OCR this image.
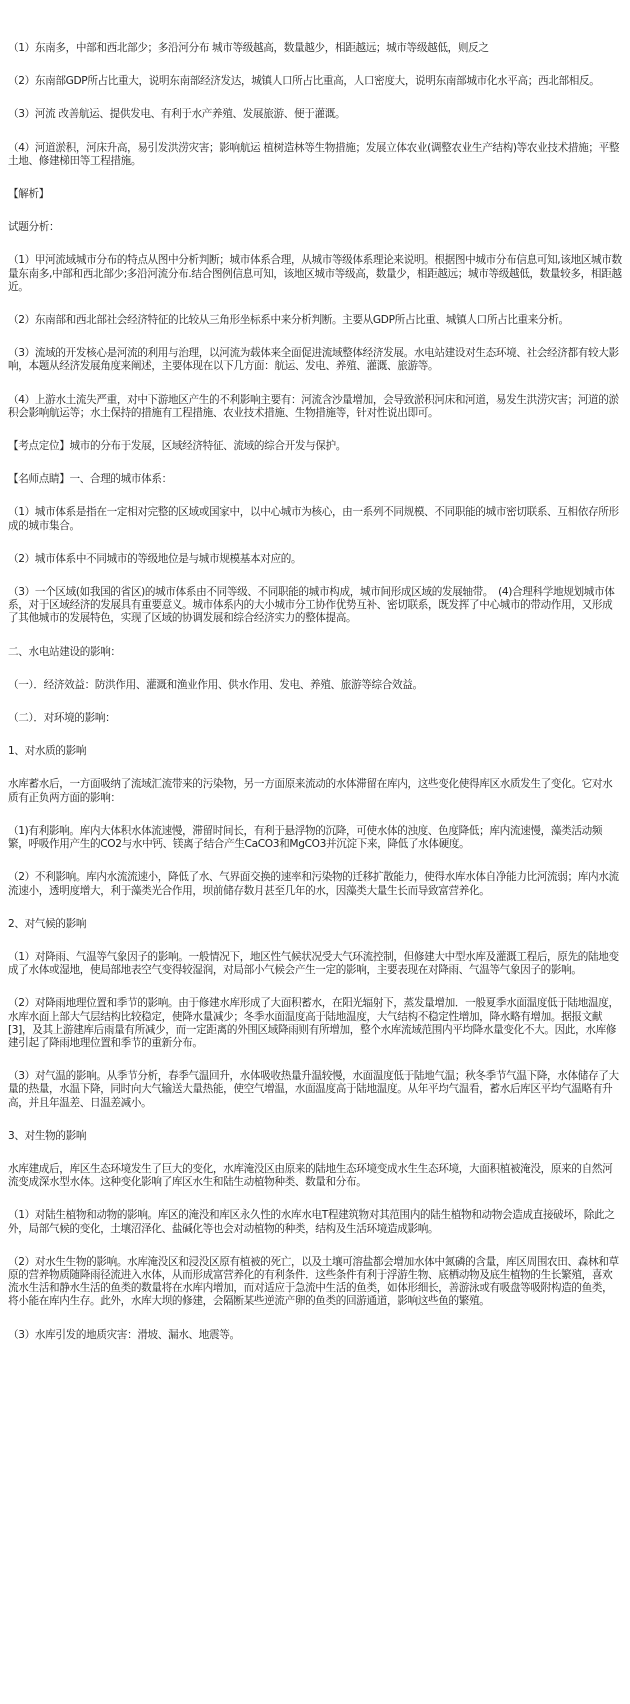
（1）东南多，中部和西北部少；多沿河分布 城市等级越高，数量越少，相距越远；城市等级越低，则反之

（2）东南部GDP所占比重大，说明东南部经济发达，城镇人口所占比重高，人口密度大，说明东南部城市化水平高；西北部相反。

（3）河流 改善航运、提供发电、有利于水产养殖、发展旅游、便于灌溉。

（4）河道淤积，河床升高，易引发洪涝灾害；影响航运 植树造林等生物措施；发展立体农业(调整农业生产结构)等农业技术措施；平整土地、修建梯田等工程措施。

【解析】

试题分析：

（1）甲河流域城市分布的特点从图中分析判断；城市体系合理，从城市等级体系理论来说明。根据图中城市分布信息可知,该地区城市数量东南多,中部和西北部少;多沿河流分布.结合图例信息可知，该地区城市等级高，数量少，相距越远；城市等级越低，数量较多，相距越近。

（2）东南部和西北部社会经济特征的比较从三角形坐标系中来分析判断。主要从GDP所占比重、城镇人口所占比重来分析。

（3）流域的开发核心是河流的利用与治理，以河流为载体来全面促进流域整体经济发展。水电站建设对生态环境、社会经济都有较大影响，本题从经济发展角度来阐述，主要体现在以下几方面：航运、发电、养殖、灌溉、旅游等。

（4）上游水土流失严重，对中下游地区产生的不利影响主要有：河流含沙量增加，会导致淤积河床和河道，易发生洪涝灾害；河道的淤积会影响航运等；水土保持的措施有工程措施、农业技术措施、生物措施等，针对性说出即可。

【考点定位】城市的分布于发展，区域经济特征、流域的综合开发与保护。

【名师点睛】一、合理的城市体系：

（1）城市体系是指在一定相对完整的区域或国家中，以中心城市为核心，由一系列不同规模、不同职能的城市密切联系、互相依存所形成的城市集合。

（2）城市体系中不同城市的等级地位是与城市规模基本对应的。

（3）一个区域(如我国的省区)的城市体系由不同等级、不同职能的城市构成，城市间形成区域的发展轴带。　(4)合理科学地规划城市体系，对于区域经济的发展具有重要意义。城市体系内的大小城市分工协作优势互补、密切联系，既发挥了中心城市的带动作用，又形成了其他城市的发展特色，实现了区域的协调发展和综合经济实力的整体提高。

二、水电站建设的影响：

（一）．经济效益：防洪作用、灌溉和渔业作用、供水作用、发电、养殖、旅游等综合效益。

（二）．对环境的影响：

1、对水质的影响

水库蓄水后，一方面吸纳了流域汇流带来的污染物，另一方面原来流动的水体滞留在库内，这些变化使得库区水质发生了变化。它对水质有正负两方面的影响：

（1)有利影响。库内大体积水体流速慢，滞留时间长，有利于悬浮物的沉降，可使水体的浊度、色度降低；库内流速慢，藻类活动频繁，呼吸作用产生的CO2与水中钙、镁离子结合产生CaCO3和MgCO3并沉淀下来，降低了水体硬度。

（2）不利影响。库内水流流速小，降低了水、气界面交换的速率和污染物的迁移扩散能力，使得水库水体自净能力比河流弱；库内水流流速小，透明度增大，利于藻类光合作用，坝前储存数月甚至几年的水，因藻类大量生长而导致富营养化。

2、对气候的影响

（1）对降雨、气温等气象因子的影响。一般情况下，地区性气候状况受大气环流控制，但修建大中型水库及灌溉工程后，原先的陆地变成了水体或湿地，使局部地表空气变得较湿润，对局部小气候会产生一定的影响，主要表现在对降雨、气温等气象因子的影响。

（2）对降雨地理位置和季节的影响。由于修建水库形成了大面积蓄水，在阳光辐射下，蒸发量增加．一般夏季水面温度低于陆地温度，水库水面上部大气层结构比较稳定，使降水量减少；冬季水面温度高于陆地温度，大气结构不稳定性增加，降水略有增加。据报文献[3]，及其上游建库后雨量有所减少，而一定距离的外围区域降雨则有所增加，整个水库流域范围内平均降水量变化不大。因此，水库修建引起了降雨地理位置和季节的重新分布。

（3）对气温的影响。从季节分析，春季气温回升，水体吸收热量升温较慢，水面温度低于陆地气温；秋冬季节气温下降，水体储存了大量的热量，水温下降，同时向大气输送大量热能，使空气增温，水面温度高于陆地温度。从年平均气温看，蓄水后库区平均气温略有升高，并且年温差、日温差减小。

3、对生物的影响

水库建成后，库区生态环境发生了巨大的变化，水库淹没区由原来的陆地生态环境变成水生生态环境，大面积植被淹没，原来的自然河流变成深水型水体。这种变化影响了库区水生和陆生动植物种类、数量和分布。

（1）对陆生植物和动物的影响。库区的淹没和库区永久性的水库水电T程建筑物对其范围内的陆生植物和动物会造成直接破坏，除此之外，局部气候的变化，土壤沼泽化、盐碱化等也会对动植物的种类，结构及生活环境造成影响。

（2）对水生生物的影响。水库淹没区和浸没区原有植被的死亡，以及土壤可溶盐都会增加水体中氮磷的含量，库区周围农田、森林和草原的营养物质随降雨径流进入水体，从而形成富营养化的有利条件．这些条件有利于浮游生物、底栖动物及底生植物的生长繁殖，喜欢流水生活和静水生活的鱼类的数量将在水库内增加，而对适应于急流中生活的鱼类，如体形细长，善游泳或有吸盘等吸附构造的鱼类，将小能在库内生存。此外，水库大坝的修建，会隔断某些逆流产卵的鱼类的回游通道，影响这些鱼的繁殖。

（3）水库引发的地质灾害：滑坡、漏水、地震等。
